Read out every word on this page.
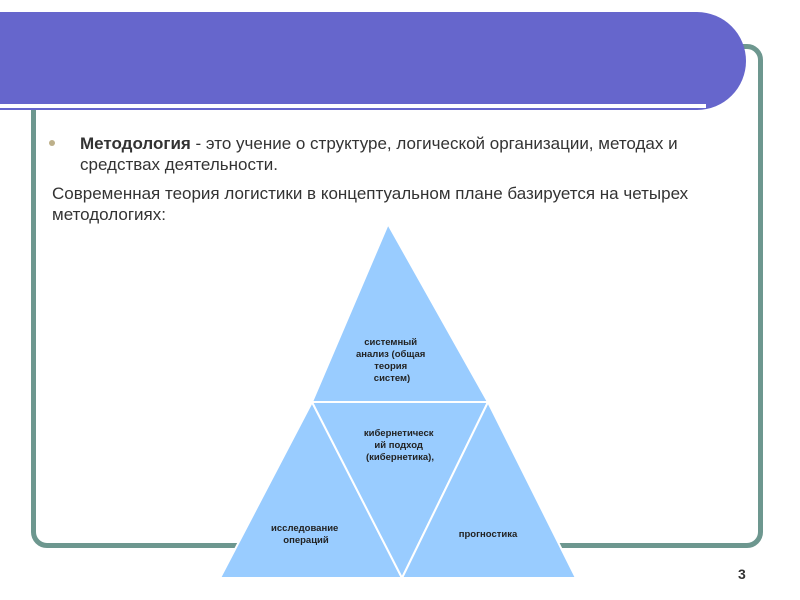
Методология - это учение о структуре, логической организации, методах и средствах деятельности.
Современная теория логистики в концептуальном плане базируется на четырех методологиях:
системный анализ (общая теория систем)
кибернетическ ий подход (кибернетика),
исследование операций
прогностика
3
